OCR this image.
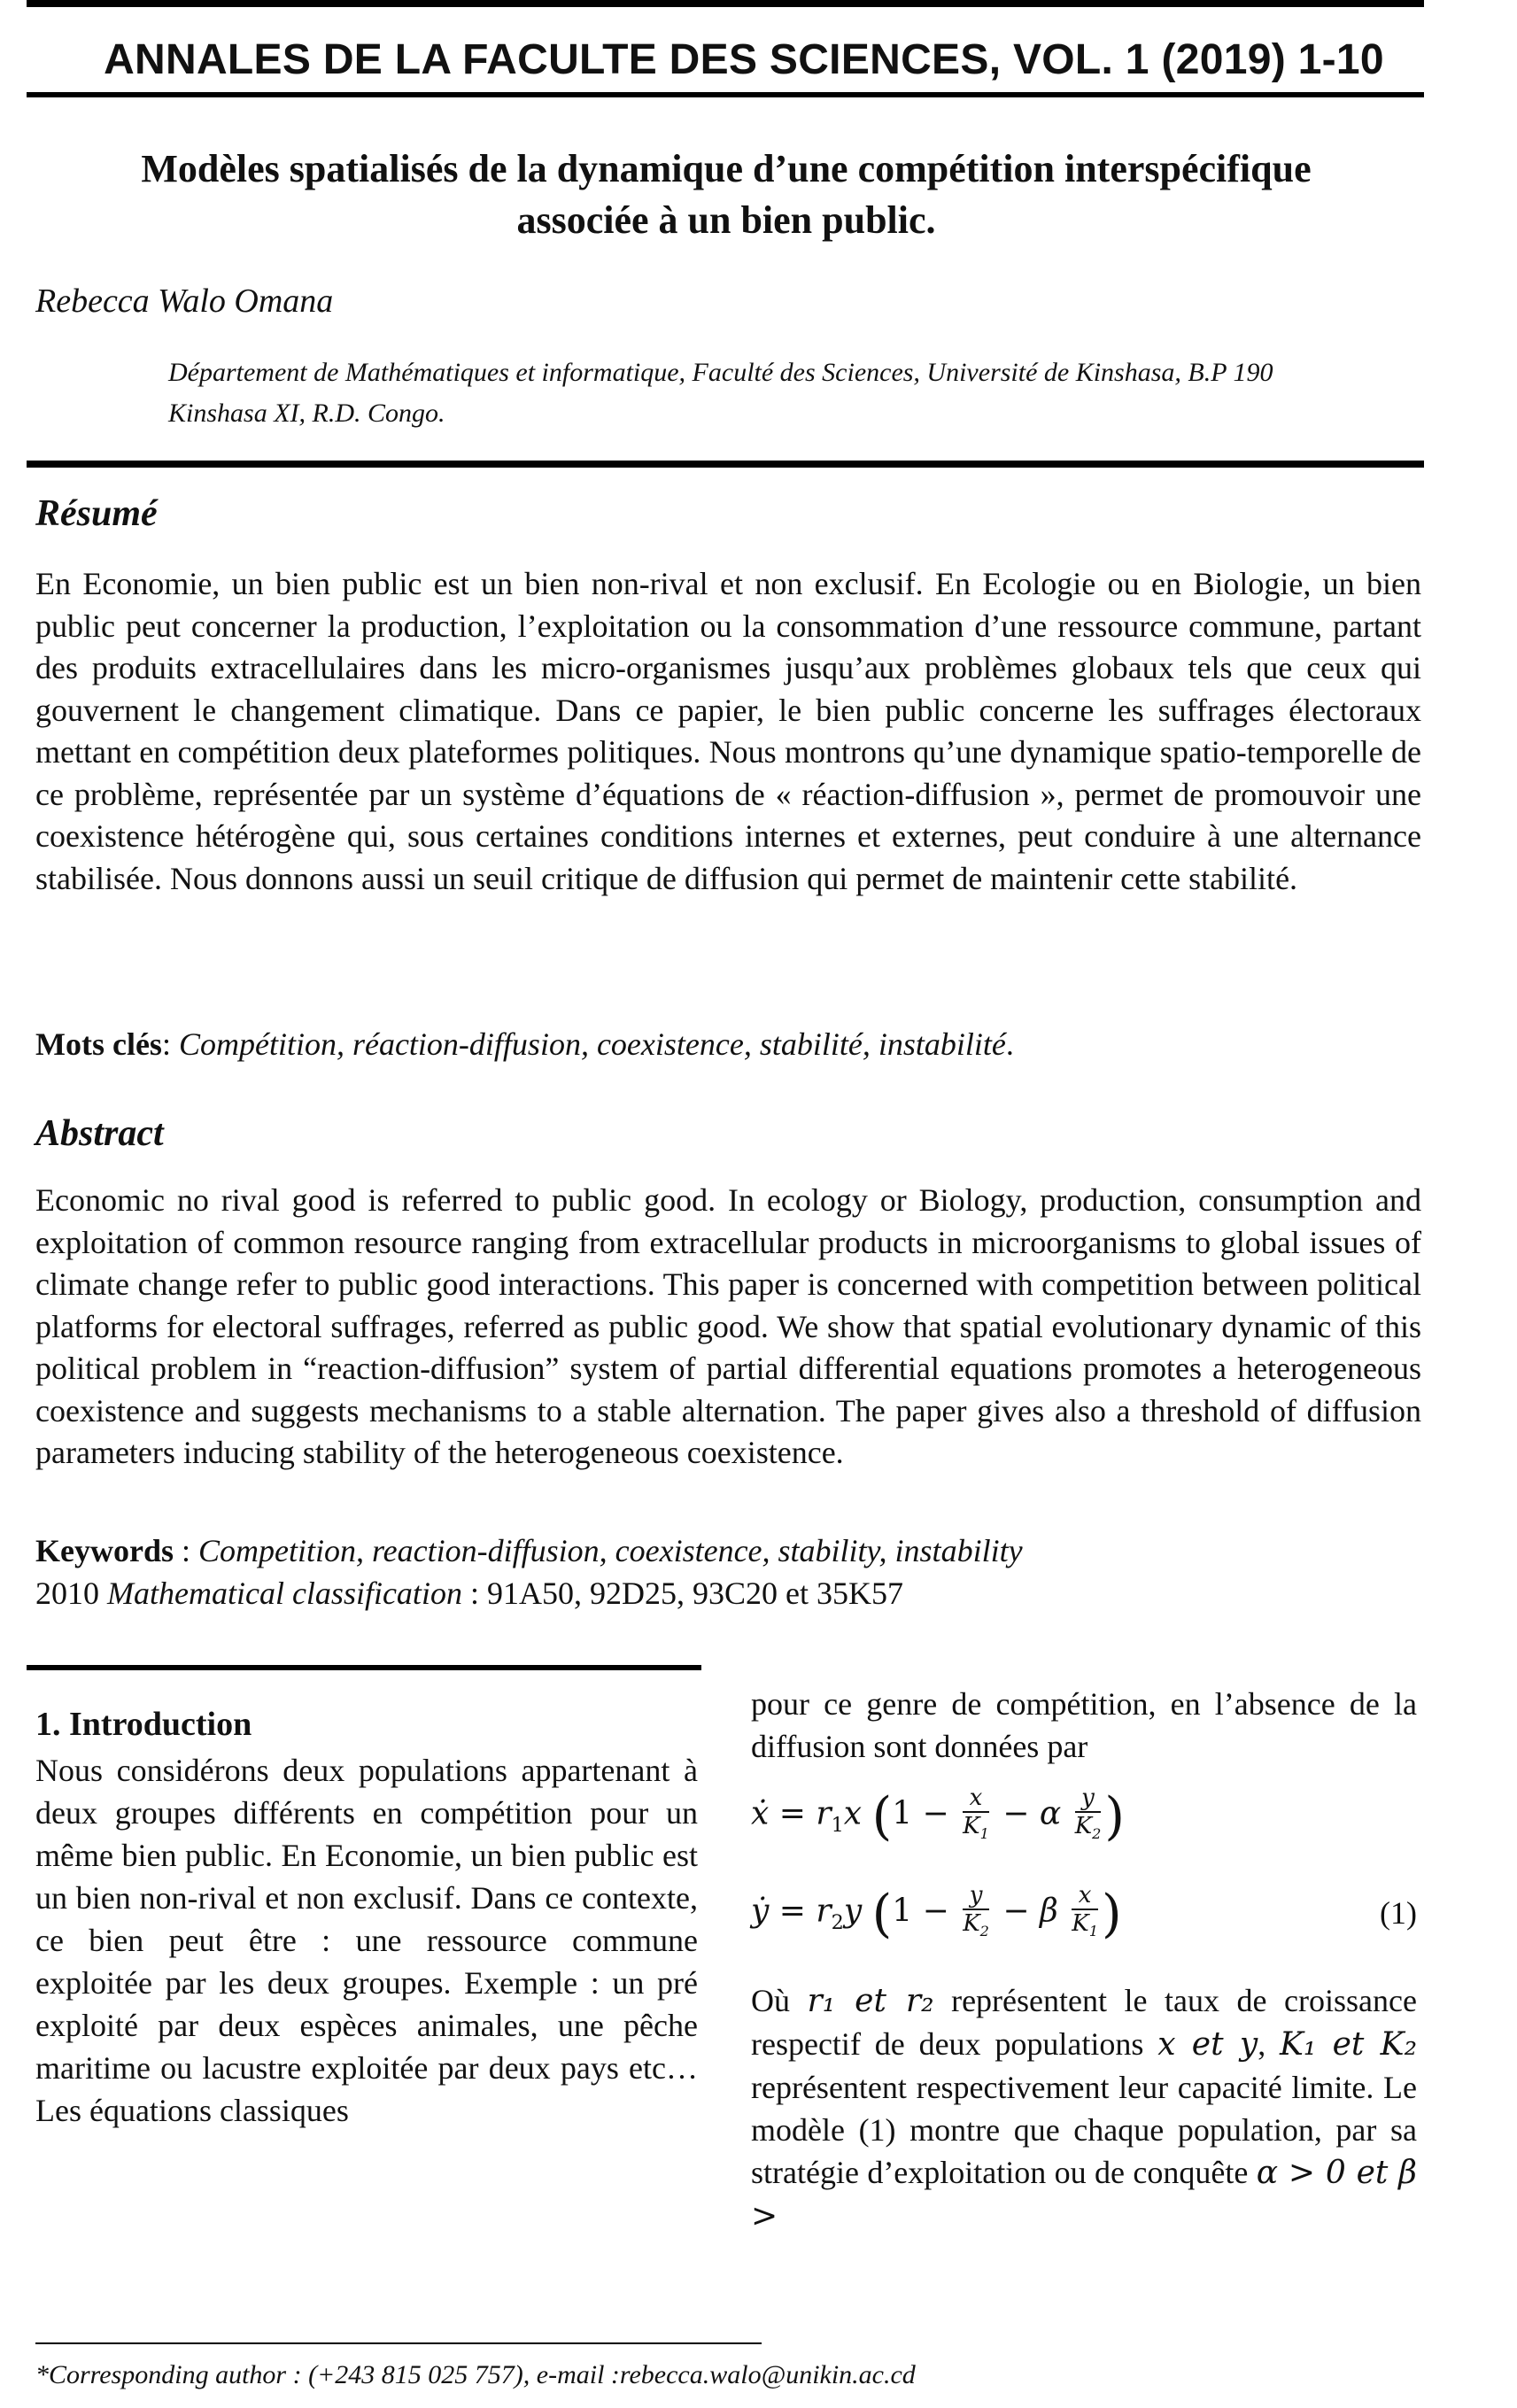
ANNALES DE LA FACULTE DES SCIENCES, VOL. 1 (2019) 1-10
Modèles spatialisés de la dynamique d’une compétition interspécifique
associée à un bien public.
Rebecca Walo Omana
Département de Mathématiques et informatique, Faculté des Sciences, Université de Kinshasa, B.P 190
Kinshasa XI, R.D. Congo.
Résumé
En Economie, un bien public est un bien non-rival et non exclusif. En Ecologie ou en Biologie, un bien public peut concerner la production, l’exploitation ou la consommation d’une ressource commune, partant des produits extracellulaires dans les micro-organismes jusqu’aux problèmes globaux tels que ceux qui gouvernent le changement climatique. Dans ce papier, le bien public concerne les suffrages électoraux mettant en compétition deux plateformes politiques. Nous montrons qu’une dynamique spatio-temporelle de ce problème, représentée par un système d’équations de « réaction-diffusion », permet de promouvoir une coexistence hétérogène qui, sous certaines conditions internes et externes, peut conduire à une alternance stabilisée. Nous donnons aussi un seuil critique de diffusion qui permet de maintenir cette stabilité.
Mots clés: Compétition, réaction-diffusion, coexistence, stabilité, instabilité.
Abstract
Economic no rival good is referred to public good. In ecology or Biology, production, consumption and exploitation of common resource ranging from extracellular products in microorganisms to global issues of climate change refer to public good interactions. This paper is concerned with competition between political platforms for electoral suffrages, referred as public good. We show that spatial evolutionary dynamic of this political problem in “reaction-diffusion” system of partial differential equations promotes a heterogeneous coexistence and suggests mechanisms to a stable alternation. The paper gives also a threshold of diffusion parameters inducing stability of the heterogeneous coexistence.
Keywords : Competition, reaction-diffusion, coexistence, stability, instability
2010 Mathematical classification : 91A50, 92D25, 93C20 et 35K57
1. Introduction
Nous considérons deux populations appartenant à deux groupes différents en compétition pour un même bien public. En Economie, un bien public est un bien non-rival et non exclusif. Dans ce contexte, ce bien peut être : une ressource commune exploitée par les deux groupes. Exemple : un pré exploité par deux espèces animales, une pêche maritime ou lacustre exploitée par deux pays etc… Les équations classiques
pour ce genre de compétition, en l’absence de la diffusion sont données par
ẋ = $r_1x$ ($1 - \frac{x}{K_1} - \alpha \frac{y}{K_2}$ )
ẏ = $r_2y$ ($1 - \frac{y}{K_2} - \beta \frac{x}{K_1}$ )	(1)
Où r₁ et r₂ représentent le taux de croissance respectif de deux populations x et y, K₁ et K₂ représentent respectivement leur capacité limite. Le modèle (1) montre que chaque population, par sa stratégie d’exploitation ou de conquête α > 0 et β >
*Corresponding author : (+243 815 025 757), e-mail :rebecca.walo@unikin.ac.cd
